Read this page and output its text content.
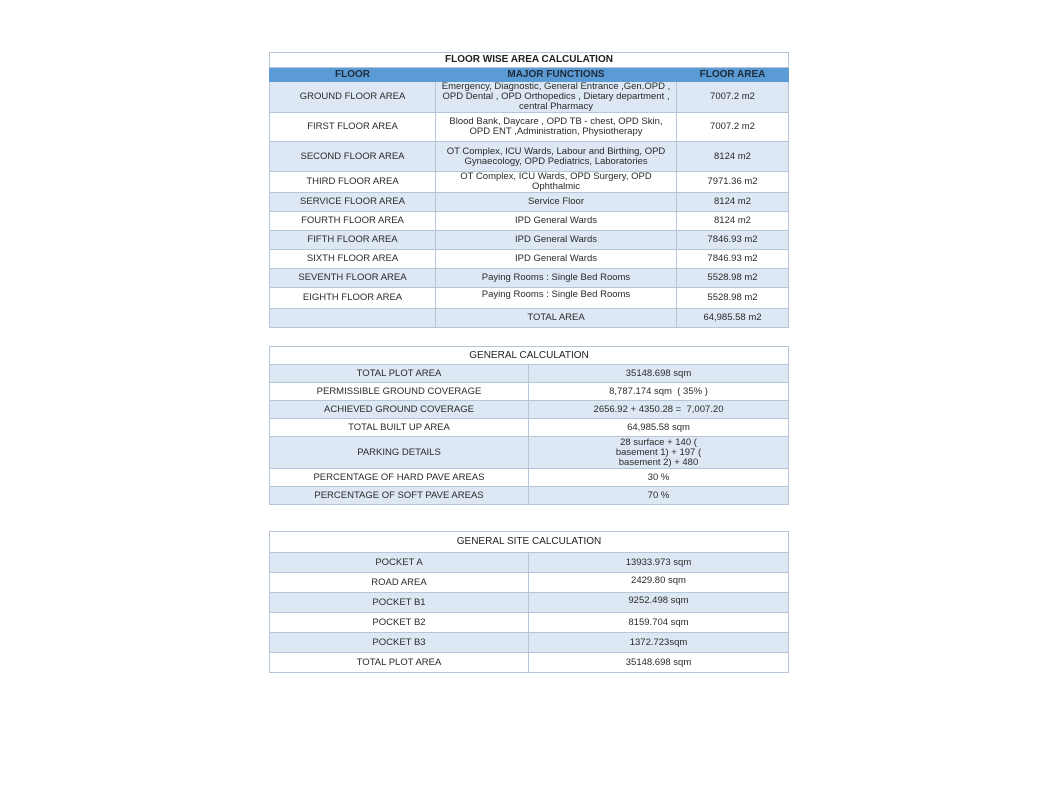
FLOOR WISE AREA CALCULATION		
FLOOR	MAJOR FUNCTIONS	FLOOR AREA
GROUND FLOOR AREA	Emergency, Diagnostic, General Entrance ,Gen.OPD , OPD Dental , OPD Orthopedics , Dietary department , central Pharmacy	7007.2 m2
FIRST FLOOR AREA	Blood Bank, Daycare , OPD TB - chest, OPD Skin, OPD ENT ,Administration, Physiotherapy	7007.2 m2
SECOND FLOOR AREA	OT Complex, ICU Wards, Labour and Birthing, OPD Gynaecology, OPD Pediatrics, Laboratories	8124 m2
THIRD FLOOR AREA	OT Complex, ICU Wards, OPD Surgery, OPD Ophthalmic	7971.36 m2
SERVICE FLOOR AREA	Service Floor	8124 m2
FOURTH FLOOR AREA	IPD General Wards	8124 m2
FIFTH FLOOR AREA	IPD General Wards	7846.93 m2
SIXTH FLOOR AREA	IPD General Wards	7846.93 m2
SEVENTH FLOOR AREA	Paying Rooms : Single Bed Rooms	5528.98 m2
EIGHTH FLOOR AREA	Paying Rooms : Single Bed Rooms	5528.98 m2
	TOTAL AREA	64,985.58 m2
GENERAL CALCULATION	
TOTAL PLOT AREA	35148.698 sqm
PERMISSIBLE GROUND COVERAGE	8,787.174 sqm  ( 35% )
ACHIEVED GROUND COVERAGE	2656.92 + 4350.28 =  7,007.20
TOTAL BUILT UP AREA	64,985.58 sqm
PARKING DETAILS	28 surface + 140 ( basement 1) + 197 ( basement 2) + 480
PERCENTAGE OF HARD PAVE AREAS	30 %
PERCENTAGE OF SOFT PAVE AREAS	70 %
GENERAL SITE CALCULATION	
POCKET A	13933.973 sqm
ROAD AREA	2429.80 sqm
POCKET B1	9252.498 sqm
POCKET B2	8159.704 sqm
POCKET B3	1372.723sqm
TOTAL PLOT AREA	35148.698 sqm
